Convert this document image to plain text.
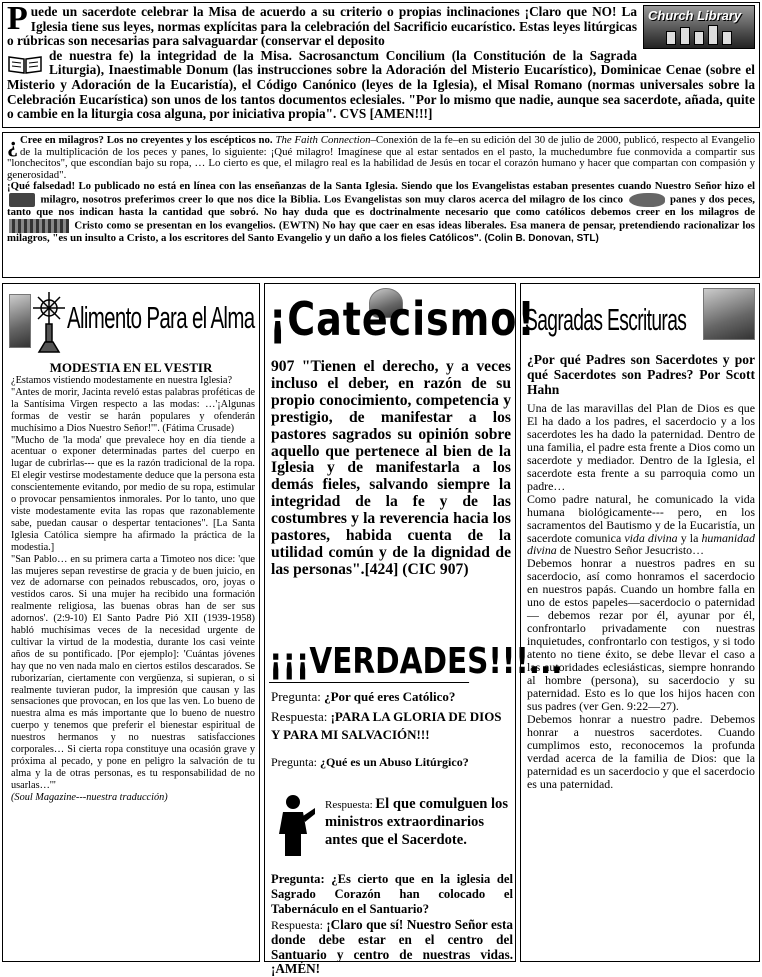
Church Library
P uede un sacerdote celebrar la Misa de acuerdo a su criterio o propias inclinaciones ¡Claro que NO! La Iglesia tiene sus leyes, normas explícitas para la celebración del Sacrificio eucarístico. Estas leyes litúrgicas o rúbricas son necesarias para salvaguardar (conservar el deposito

de nuestra fe) la integridad de la Misa. Sacrosanctum Concilium (la Constitución de la Sagrada Liturgia), Inaestimable Donum (las instrucciones sobre la Adoración del Misterio Eucarístico), Dominicae Cenae (sobre el Misterio y Adoración de la Eucaristía), el Código Canónico (leyes de la Iglesia), el Misal Romano (normas universales sobre la Celebración Eucarística) son unos de los tantos documentos eclesiales. "Por lo mismo que nadie, aunque sea sacerdote, añada, quite o cambie en la liturgia cosa alguna, por iniciativa propia". CVS [AMEN!!!]
¿ Cree en milagros? Los no creyentes y los escépticos no. The Faith Connection–Conexión de la fe–en su edición del 30 de julio de 2000, publicó, respecto al Evangelio de la multiplicación de los peces y panes, lo siguiente: ¡Qué milagro! Imagínese que al estar sentados en el pasto, la muchedumbre fue conmovida a compartir sus "lonchecitos", que escondían bajo su ropa, … Lo cierto es que, el milagro real es la habilidad de Jesús en tocar el corazón humano y hacer que compartan con compasión y generosidad".
¡Qué falsedad! Lo publicado no está en línea con las enseñanzas de la Santa Iglesia. Siendo que los Evangelistas estaban presentes cuando Nuestro Señor hizo el  milagro, nosotros preferimos creer lo que nos dice la Biblia. Los Evangelistas son muy claros acerca del milagro de los cinco	panes y dos peces, tanto que nos indican hasta la cantidad que sobró. No hay duda que es doctrinalmente necesario que como católicos debemos creer en los milagros de  Cristo como se presentan en los evangelios. (EWTN) No hay que caer en esas ideas liberales. Esa manera de pensar, pretendiendo racionalizar los milagros, "es un insulto a Cristo, a los escritores del Santo Evangelio y un daño a los fieles Católicos". (Colin B. Donovan, STL)
Alimento Para el Alma
MODESTIA EN EL VESTIR

¿Estamos vistiendo modestamente en nuestra Iglesia?

"Antes de morir, Jacinta reveló estas palabras proféticas de la Santísima Virgen respecto a las modas: …'¡Algunas formas de vestir se harán populares y ofenderán muchísimo a Dios Nuestro Señor!'". (Fátima Crusade)

"Mucho de 'la moda' que prevalece hoy en día tiende a acentuar o exponer determinadas partes del cuerpo en lugar de cubrirlas--- que es la razón tradicional de la ropa. El elegir vestirse modestamente deduce que la persona esta conscientemente evitando, por medio de su ropa, estimular o provocar pensamientos inmorales. Por lo tanto, uno que viste modestamente evita las ropas que razonablemente sabe, puedan causar o despertar tentaciones". [La Santa Iglesia Católica siempre ha afirmado la práctica de la modestia.]

"San Pablo… en su primera carta a Timoteo nos dice: 'que las mujeres sepan revestirse de gracia y de buen juicio, en vez de adornarse con peinados rebuscados, oro, joyas o vestidos caros. Si una mujer ha recibido una formación realmente religiosa, las buenas obras han de ser sus adornos'. (2:9-10) El Santo Padre Pió XII (1939-1958) habló muchísimas veces de la necesidad urgente de cultivar la virtud de la modestia, durante los casi veinte años de su pontificado. [Por ejemplo]: 'Cuántas jóvenes hay que no ven nada malo en ciertos estilos descarados. Se ruborizarían, ciertamente con vergüenza, si supieran, o si realmente tuvieran pudor, la impresión que causan y las sensaciones que provocan, en los que las ven. Lo bueno de nuestra alma es más importante que lo bueno de nuestro cuerpo y tenemos que preferir el bienestar espiritual de nuestros hermanos y no nuestras satisfacciones corporales… Si cierta ropa constituye una ocasión grave y próxima al pecado, y pone en peligro la salvación de tu alma y la de otras personas, es tu responsabilidad de no usarlas…'"

(Soul Magazine---nuestra traducción)

¡Catecismo!
907 "Tienen el derecho, y a veces incluso el deber, en razón de su propio conocimiento, competencia y prestigio, de manifestar a los pastores sagrados su opinión sobre aquello que pertenece al bien de la Iglesia y de manifestarla a los demás fieles, salvando siempre la integridad de la fe y de las costumbres y la reverencia hacia los pastores, habida cuenta de la utilidad común y de la dignidad de las personas".[424] (CIC 907)
¡¡¡VERDADES!!!...
Pregunta: ¿Por qué eres Católico?
Respuesta: ¡PARA LA GLORIA DE DIOS Y PARA MI SALVACIÓN!!!
Pregunta: ¿Qué es un Abuso Litúrgico?
Respuesta: El que comulguen los ministros extraordinarios antes que el Sacerdote.
Pregunta: ¿Es cierto que en la iglesia del Sagrado Corazón han colocado el Tabernáculo en el Santuario?
Respuesta: ¡Claro que sí! Nuestro Señor esta donde debe estar en el centro del Santuario y centro de nuestras vidas. ¡AMÉN!
Sagradas Escrituras
¿Por qué Padres son Sacerdotes y por qué Sacerdotes son Padres? Por Scott Hahn

Una de las maravillas del Plan de Dios es que El ha dado a los padres, el sacerdocio y a los sacerdotes les ha dado la paternidad. Dentro de una familia, el padre esta frente a Dios como un sacerdote y mediador. Dentro de la Iglesia, el sacerdote esta frente a su parroquia como un padre…

Como padre natural, he comunicado la vida humana biológicamente--- pero, en los sacramentos del Bautismo y de la Eucaristía, un sacerdote comunica vida divina y la humanidad divina de Nuestro Señor Jesucristo…

Debemos honrar a nuestros padres en su sacerdocio, así como honramos el sacerdocio en nuestros papás. Cuando un hombre falla en uno de estos papeles—sacerdocio o paternidad— debemos rezar por él, ayunar por él, confrontarlo privadamente con nuestras inquietudes, confrontarlo con testigos, y si todo atento no tiene éxito, se debe llevar el caso a las autoridades eclesiásticas, siempre honrando al hombre (persona), su sacerdocio y su paternidad. Esto es lo que los hijos hacen con sus padres (ver Gen. 9:22—27).

Debemos honrar a nuestro padre. Debemos honrar a nuestros sacerdotes. Cuando cumplimos esto, reconocemos la profunda verdad acerca de la familia de Dios: que la paternidad es un sacerdocio y que el sacerdocio es una paternidad.
